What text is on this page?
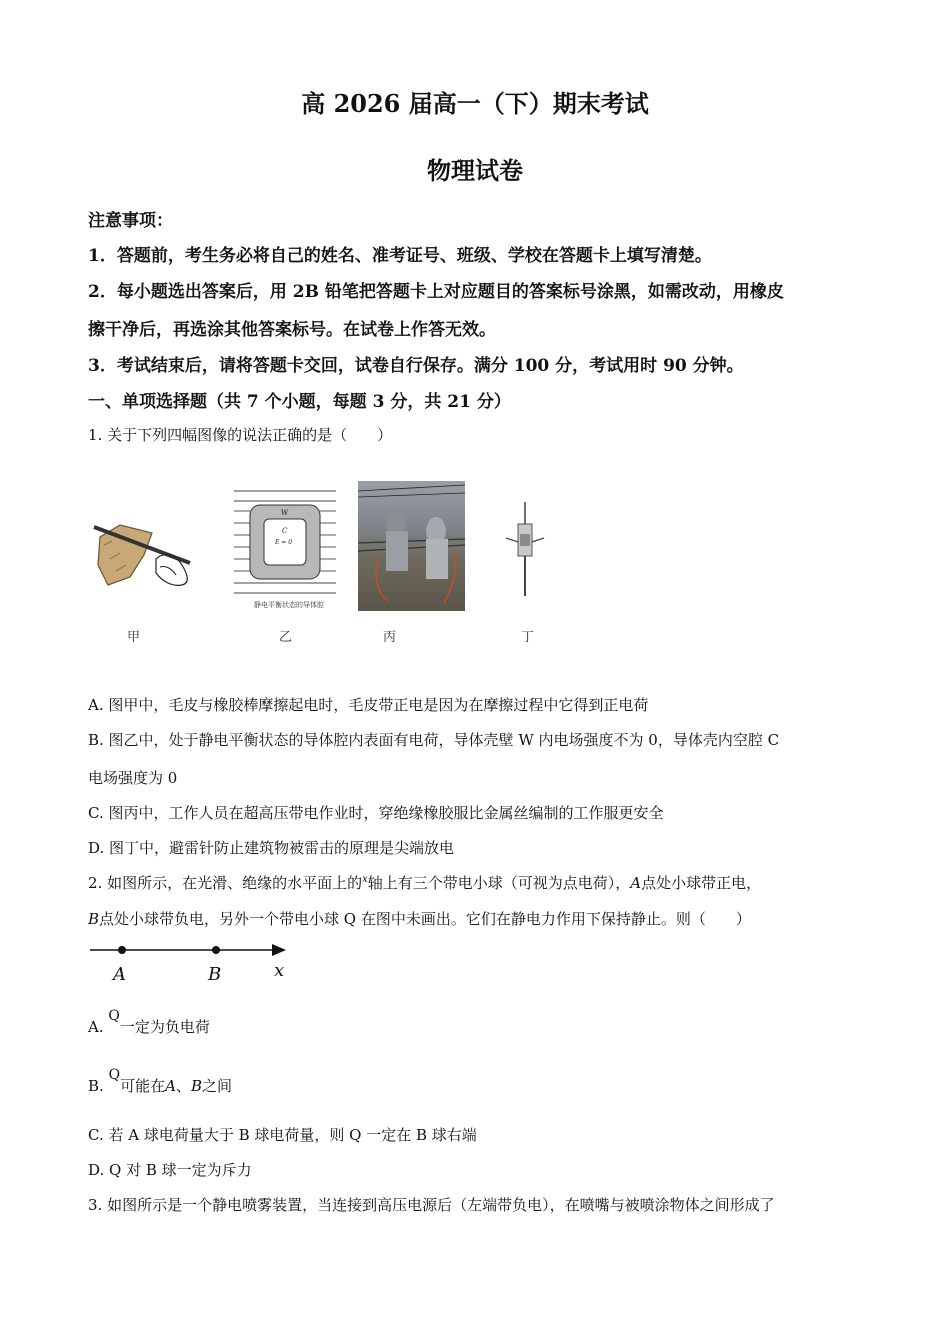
高 2026 届高一（下）期末考试
物理试卷
注意事项：
1．答题前，考生务必将自己的姓名、准考证号、班级、学校在答题卡上填写清楚。
2．每小题选出答案后，用 2B 铅笔把答题卡上对应题目的答案标号涂黑，如需改动，用橡皮
擦干净后，再选涂其他答案标号。在试卷上作答无效。
3．考试结束后，请将答题卡交回，试卷自行保存。满分 100 分，考试用时 90 分钟。
一、单项选择题（共 7 个小题，每题 3 分，共 21 分）
1. 关于下列四幅图像的说法正确的是（　　）
甲
W
C
E = 0
静电平衡状态的导体腔
乙	丙	丁
A. 图甲中，毛皮与橡胶棒摩擦起电时，毛皮带正电是因为在摩擦过程中它得到正电荷
B. 图乙中，处于静电平衡状态的导体腔内表面有电荷，导体壳壁 W 内电场强度不为 0，导体壳内空腔 C
电场强度为 0
C. 图丙中，工作人员在超高压带电作业时，穿绝缘橡胶服比金属丝编制的工作服更安全
D. 图丁中，避雷针防止建筑物被雷击的原理是尖端放电
2. 如图所示，在光滑、绝缘的水平面上的$^x$轴上有三个带电小球（可视为点电荷），A点处小球带正电，
B点处小球带负电，另外一个带电小球 Q 在图中未画出。它们在静电力作用下保持静止。则（　　）
A	B	x
A. Q一定为负电荷
B. Q可能在A、B之间
C. 若 A 球电荷量大于 B 球电荷量，则 Q 一定在 B 球右端
D. Q 对 B 球一定为斥力
3. 如图所示是一个静电喷雾装置，当连接到高压电源后（左端带负电），在喷嘴与被喷涂物体之间形成了
